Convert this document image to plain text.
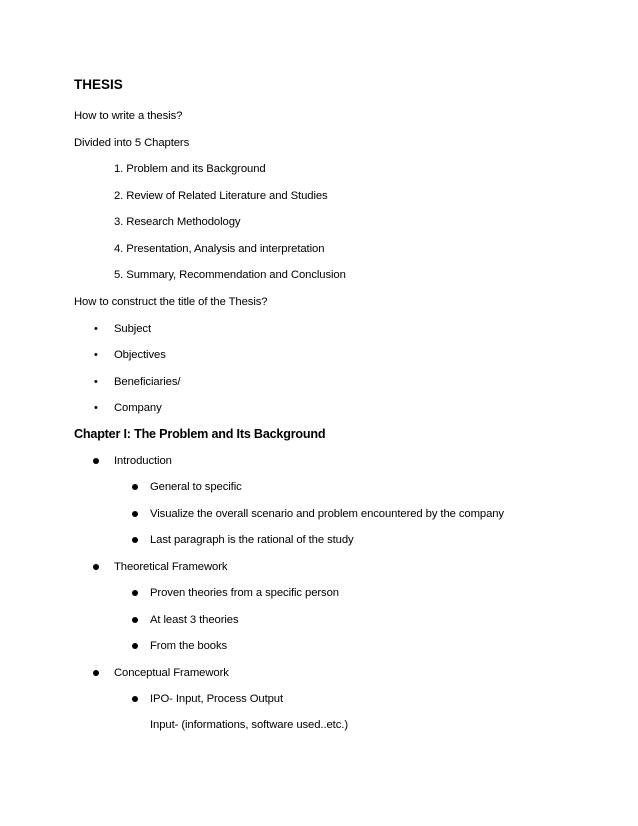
THESIS
How to write a thesis?
Divided into 5 Chapters
1. Problem and its Background
2. Review of Related Literature and Studies
3. Research Methodology
4. Presentation, Analysis and interpretation
5. Summary, Recommendation and Conclusion
How to construct the title of the Thesis?
• Subject
• Objectives
• Beneficiaries/
• Company
Chapter I: The Problem and Its Background
Introduction
General to specific
Visualize the overall scenario and problem encountered by the company
Last paragraph is the rational of the study
Theoretical Framework
Proven theories from a specific person
At least 3 theories
From the books
Conceptual Framework
IPO- Input, Process Output
Input- (informations, software used..etc.)
